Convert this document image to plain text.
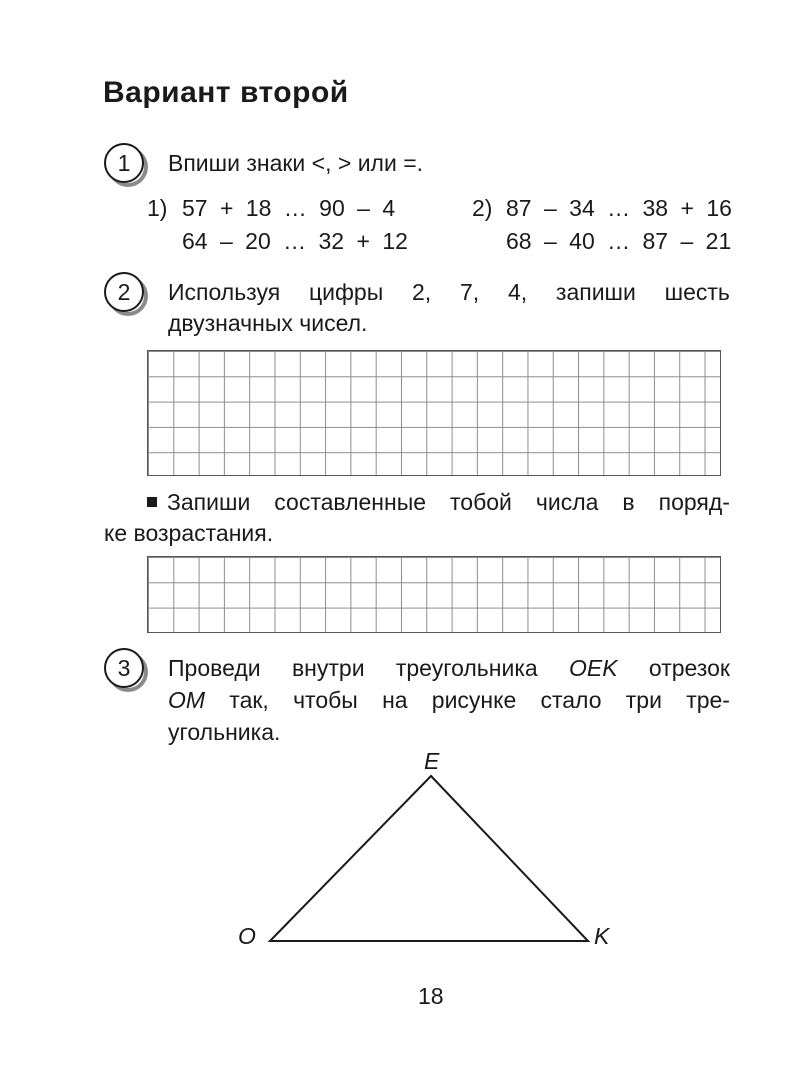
Вариант второй
1	Впиши знаки <, > или =.
1) 57 + 18 … 90 – 4
64 – 20 … 32 + 12
2) 87 – 34 … 38 + 16
68 – 40 … 87 – 21
2	Используя цифры 2, 7, 4, запиши шесть
двузначных чисел.
Запиши составленные тобой числа в поряд-
ке возрастания.
3	Проведи внутри треугольника OEK отрезок
OM так, чтобы на рисунке стало три тре-
угольника.
E
O	K
18
